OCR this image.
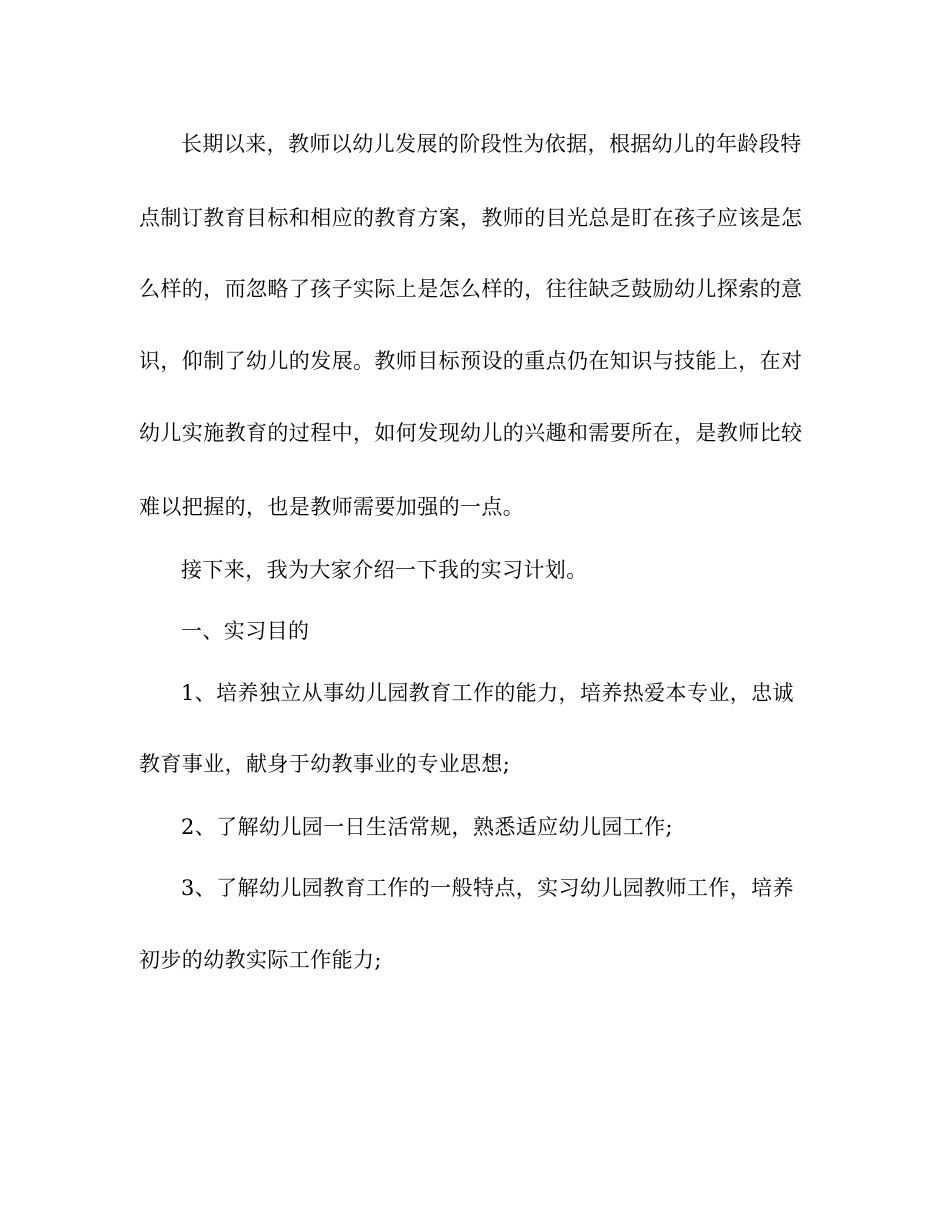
长期以来，教师以幼儿发展的阶段性为依据，根据幼儿的年龄段特
点制订教育目标和相应的教育方案，教师的目光总是盯在孩子应该是怎
么样的，而忽略了孩子实际上是怎么样的，往往缺乏鼓励幼儿探索的意
识，仰制了幼儿的发展。教师目标预设的重点仍在知识与技能上，在对
幼儿实施教育的过程中，如何发现幼儿的兴趣和需要所在，是教师比较
难以把握的，也是教师需要加强的一点。
接下来，我为大家介绍一下我的实习计划。
一、实习目的
1、培养独立从事幼儿园教育工作的能力，培养热爱本专业，忠诚
教育事业，献身于幼教事业的专业思想;
2、了解幼儿园一日生活常规，熟悉适应幼儿园工作;
3、了解幼儿园教育工作的一般特点，实习幼儿园教师工作，培养
初步的幼教实际工作能力;
